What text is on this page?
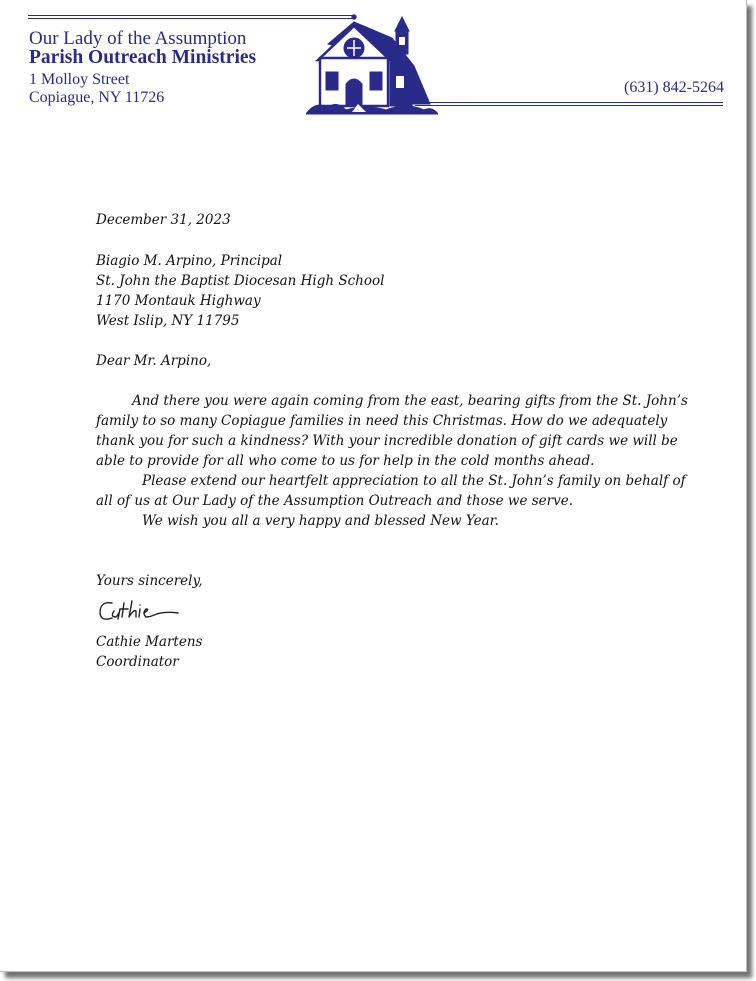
Our Lady of the Assumption
Parish Outreach Ministries
1 Molloy Street
Copiague, NY 11726
(631) 842-5264
December 31, 2023
Biagio M. Arpino, Principal
St. John the Baptist Diocesan High School
1170 Montauk Highway
West Islip, NY 11795
Dear Mr. Arpino,
And there you were again coming from the east, bearing gifts from the St. John’s
family to so many Copiague families in need this Christmas. How do we adequately
thank you for such a kindness? With your incredible donation of gift cards we will be
able to provide for all who come to us for help in the cold months ahead.
Please extend our heartfelt appreciation to all the St. John’s family on behalf of
all of us at Our Lady of the Assumption Outreach and those we serve.
We wish you all a very happy and blessed New Year.
Yours sincerely,
Cathie Martens
Coordinator
